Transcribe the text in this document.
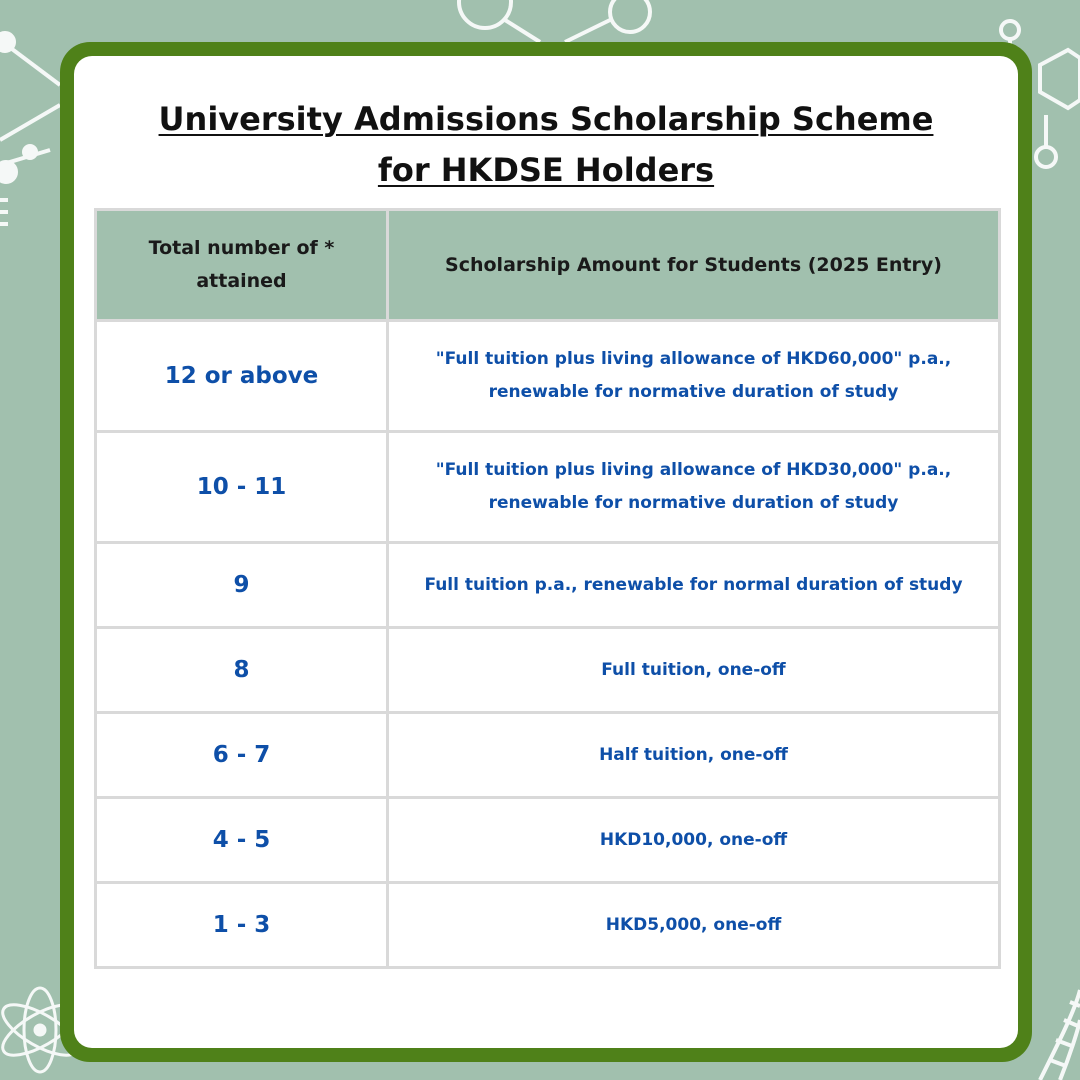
University Admissions Scholarship Scheme
for HKDSE Holders
Total number of * attained	Scholarship Amount for Students (2025 Entry)
12 or above	"Full tuition plus living allowance of HKD60,000" p.a., renewable for normative duration of study
10 - 11	"Full tuition plus living allowance of HKD30,000" p.a., renewable for normative duration of study
9	Full tuition p.a., renewable for normal duration of study
8	Full tuition, one-off
6 - 7	Half tuition, one-off
4 - 5	HKD10,000, one-off
1 - 3	HKD5,000, one-off
